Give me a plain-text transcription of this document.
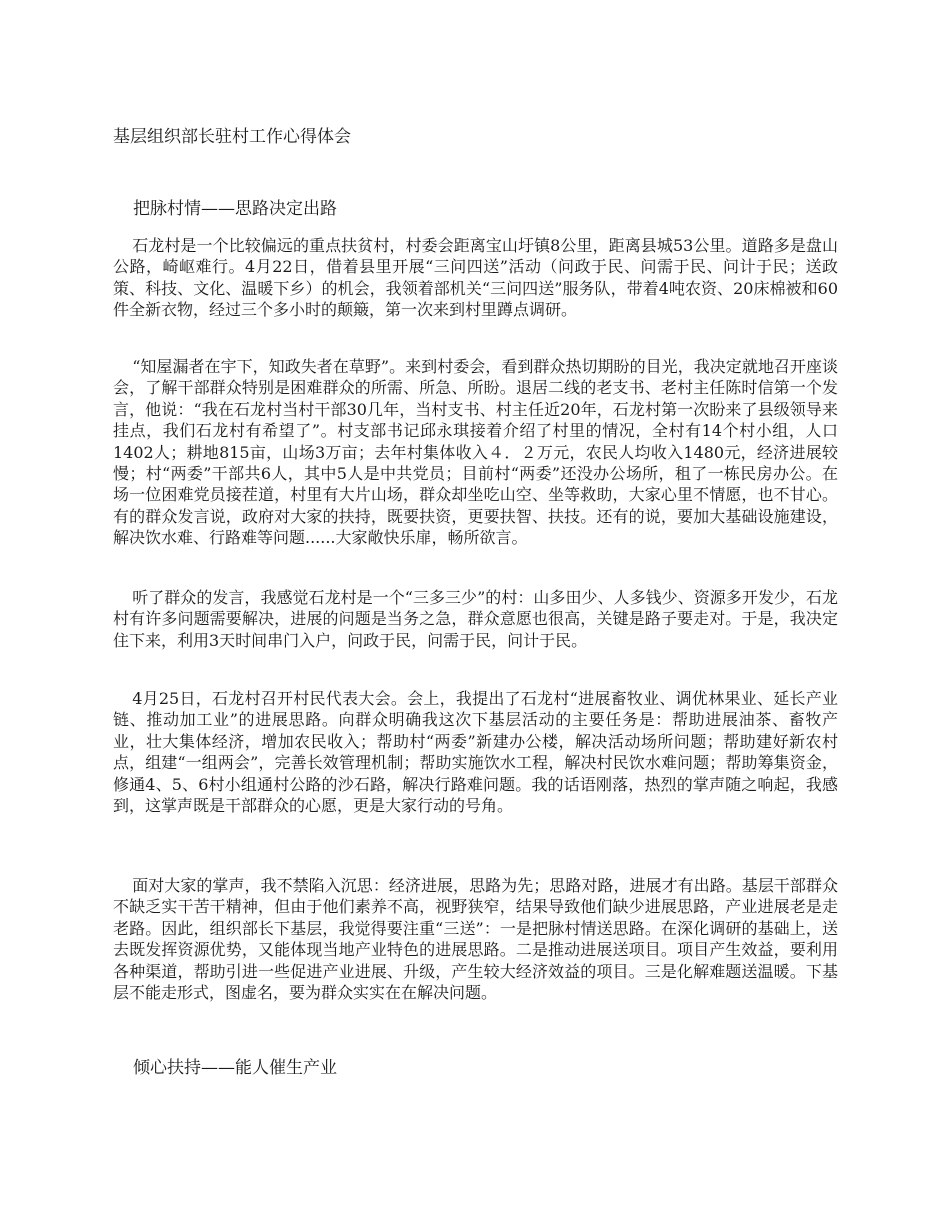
基层组织部长驻村工作心得体会
把脉村情——思路决定出路

石龙村是一个比较偏远的重点扶贫村，村委会距离宝山圩镇8公里，距离县城53公里。道路多是盘山公路，崎岖难行。4月22日，借着县里开展“三问四送”活动（问政于民、问需于民、问计于民；送政策、科技、文化、温暖下乡）的机会，我领着部机关“三问四送”服务队，带着4吨农资、20床棉被和60件全新衣物，经过三个多小时的颠簸，第一次来到村里蹲点调研。

“知屋漏者在宇下，知政失者在草野”。来到村委会，看到群众热切期盼的目光，我决定就地召开座谈会，了解干部群众特别是困难群众的所需、所急、所盼。退居二线的老支书、老村主任陈时信第一个发言，他说：“我在石龙村当村干部30几年，当村支书、村主任近20年，石龙村第一次盼来了县级领导来挂点，我们石龙村有希望了”。村支部书记邱永琪接着介绍了村里的情况，全村有14个村小组，人口1402人；耕地815亩，山场3万亩；去年村集体收入４．２万元，农民人均收入1480元，经济进展较慢；村“两委”干部共6人，其中5人是中共党员；目前村“两委”还没办公场所，租了一栋民房办公。在场一位困难党员接茬道，村里有大片山场，群众却坐吃山空、坐等救助，大家心里不情愿，也不甘心。有的群众发言说，政府对大家的扶持，既要扶资，更要扶智、扶技。还有的说，要加大基础设施建设，解决饮水难、行路难等问题......大家敞快乐扉，畅所欲言。

听了群众的发言，我感觉石龙村是一个“三多三少”的村：山多田少、人多钱少、资源多开发少，石龙村有许多问题需要解决，进展的问题是当务之急，群众意愿也很高，关键是路子要走对。于是，我决定住下来，利用3天时间串门入户，问政于民，问需于民，问计于民。

4月25日，石龙村召开村民代表大会。会上，我提出了石龙村“进展畜牧业、调优林果业、延长产业链、推动加工业”的进展思路。向群众明确我这次下基层活动的主要任务是：帮助进展油茶、畜牧产业，壮大集体经济，增加农民收入；帮助村“两委”新建办公楼，解决活动场所问题；帮助建好新农村点，组建“一组两会”，完善长效管理机制；帮助实施饮水工程，解决村民饮水难问题；帮助筹集资金，修通4、5、6村小组通村公路的沙石路，解决行路难问题。我的话语刚落，热烈的掌声随之响起，我感到，这掌声既是干部群众的心愿，更是大家行动的号角。

面对大家的掌声，我不禁陷入沉思：经济进展，思路为先；思路对路，进展才有出路。基层干部群众不缺乏实干苦干精神，但由于他们素养不高，视野狭窄，结果导致他们缺少进展思路，产业进展老是走老路。因此，组织部长下基层，我觉得要注重“三送”：一是把脉村情送思路。在深化调研的基础上，送去既发挥资源优势，又能体现当地产业特色的进展思路。二是推动进展送项目。项目产生效益，要利用各种渠道，帮助引进一些促进产业进展、升级，产生较大经济效益的项目。三是化解难题送温暖。下基层不能走形式，图虚名，要为群众实实在在解决问题。

倾心扶持——能人催生产业
